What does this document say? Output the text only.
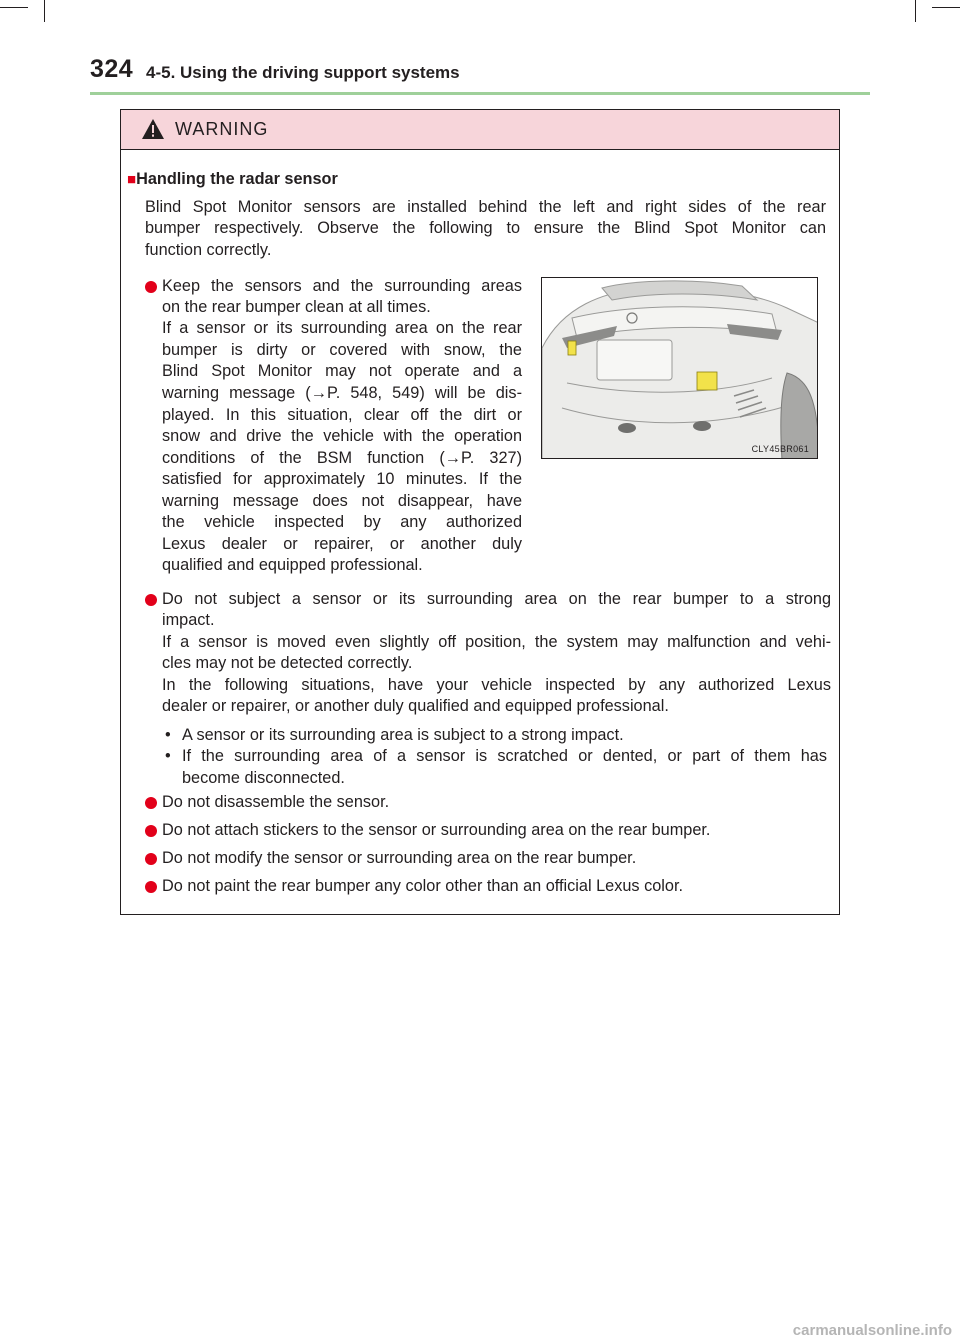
324 4-5. Using the driving support systems
WARNING
■Handling the radar sensor
Blind Spot Monitor sensors are installed behind the left and right sides of the rear
bumper respectively. Observe the following to ensure the Blind Spot Monitor can
function correctly.
Keep the sensors and the surrounding areas
on the rear bumper clean at all times.
If a sensor or its surrounding area on the rear
bumper is dirty or covered with snow, the
Blind Spot Monitor may not operate and a
warning message (→P. 548, 549) will be dis-
played. In this situation, clear off the dirt or
snow and drive the vehicle with the operation
conditions of the BSM function (→P. 327)
satisfied for approximately 10 minutes. If the
warning message does not disappear, have
the vehicle inspected by any authorized
Lexus dealer or repairer, or another duly
qualified and equipped professional.
CLY45BR061
Do not subject a sensor or its surrounding area on the rear bumper to a strong
impact.
If a sensor is moved even slightly off position, the system may malfunction and vehi-
cles may not be detected correctly.
In the following situations, have your vehicle inspected by any authorized Lexus
dealer or repairer, or another duly qualified and equipped professional.
• A sensor or its surrounding area is subject to a strong impact.
• If the surrounding area of a sensor is scratched or dented, or part of them has
become disconnected.
Do not disassemble the sensor.
Do not attach stickers to the sensor or surrounding area on the rear bumper.
Do not modify the sensor or surrounding area on the rear bumper.
Do not paint the rear bumper any color other than an official Lexus color.
carmanualsonline.info
